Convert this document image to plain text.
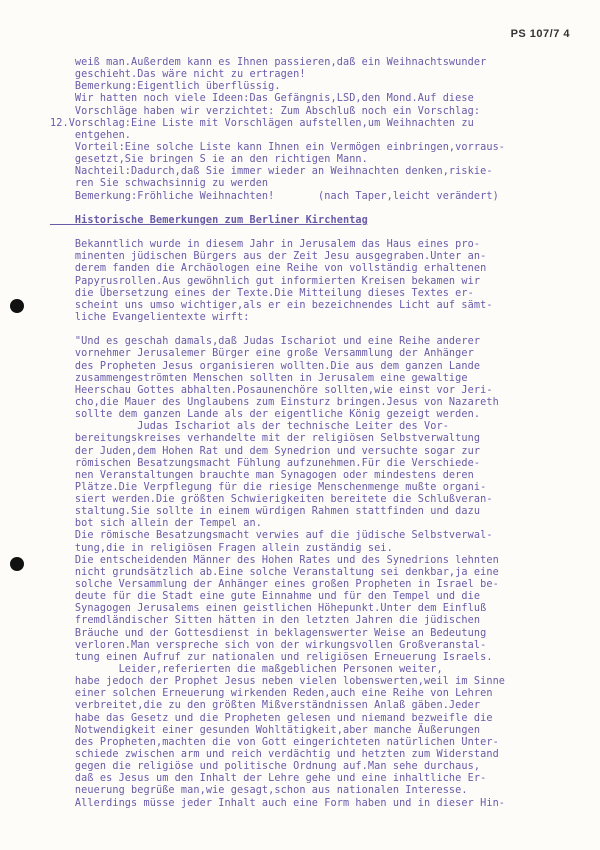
PS 107/7 4
weiß man.Außerdem kann es Ihnen passieren,daß ein Weihnachtswunder
geschieht.Das wäre nicht zu ertragen!
Bemerkung:Eigentlich überflüssig.
Wir hatten noch viele Ideen:Das Gefängnis,LSD,den Mond.Auf diese
Vorschläge haben wir verzichtet: Zum Abschluß noch ein Vorschlag:
12.Vorschlag:Eine Liste mit Vorschlägen aufstellen,um Weihnachten zu
entgehen.
Vorteil:Eine solche Liste kann Ihnen ein Vermögen einbringen,vorraus-
gesetzt,Sie bringen S ie an den richtigen Mann.
Nachteil:Dadurch,daß Sie immer wieder an Weihnachten denken,riskie-
ren Sie schwachsinnig zu werden
Bemerkung:Fröhliche Weihnachten!       (nach Taper,leicht verändert)
Historische Bemerkungen zum Berliner Kirchentag
Bekanntlich wurde in diesem Jahr in Jerusalem das Haus eines pro-
minenten jüdischen Bürgers aus der Zeit Jesu ausgegraben.Unter an-
derem fanden die Archäologen eine Reihe von vollständig erhaltenen
Papyrusrollen.Aus gewöhnlich gut informierten Kreisen bekamen wir
die Übersetzung eines der Texte.Die Mitteilung dieses Textes er-
scheint uns umso wichtiger,als er ein bezeichnendes Licht auf sämt-
liche Evangelientexte wirft:
"Und es geschah damals,daß Judas Ischariot und eine Reihe anderer
vornehmer Jerusalemer Bürger eine große Versammlung der Anhänger
des Propheten Jesus organisieren wollten.Die aus dem ganzen Lande
zusammengeströmten Menschen sollten in Jerusalem eine gewaltige
Heerschau Gottes abhalten.Posaunenchöre sollten,wie einst vor Jeri-
cho,die Mauer des Unglaubens zum Einsturz bringen.Jesus von Nazareth
sollte dem ganzen Lande als der eigentliche König gezeigt werden.
Judas Ischariot als der technische Leiter des Vor-
bereitungskreises verhandelte mit der religiösen Selbstverwaltung
der Juden,dem Hohen Rat und dem Synedrion und versuchte sogar zur
römischen Besatzungsmacht Fühlung aufzunehmen.Für die Verschiede-
nen Veranstaltungen brauchte man Synagogen oder mindestens deren
Plätze.Die Verpflegung für die riesige Menschenmenge mußte organi-
siert werden.Die größten Schwierigkeiten bereitete die Schlußveran-
staltung.Sie sollte in einem würdigen Rahmen stattfinden und dazu
bot sich allein der Tempel an.
Die römische Besatzungsmacht verwies auf die jüdische Selbstverwal-
tung,die in religiösen Fragen allein zuständig sei.
Die entscheidenden Männer des Hohen Rates und des Synedrions lehnten
nicht grundsätzlich ab.Eine solche Veranstaltung sei denkbar,ja eine
solche Versammlung der Anhänger eines großen Propheten in Israel be-
deute für die Stadt eine gute Einnahme und für den Tempel und die
Synagogen Jerusalems einen geistlichen Höhepunkt.Unter dem Einfluß
fremdländischer Sitten hätten in den letzten Jahren die jüdischen
Bräuche und der Gottesdienst in beklagenswerter Weise an Bedeutung
verloren.Man verspreche sich von der wirkungsvollen Großveranstal-
tung einen Aufruf zur nationalen und religiösen Erneuerung Israels.
Leider,referierten die maßgeblichen Personen weiter,
habe jedoch der Prophet Jesus neben vielen lobenswerten,weil im Sinne
einer solchen Erneuerung wirkenden Reden,auch eine Reihe von Lehren
verbreitet,die zu den größten Mißverständnissen Anlaß gäben.Jeder
habe das Gesetz und die Propheten gelesen und niemand bezweifle die
Notwendigkeit einer gesunden Wohltätigkeit,aber manche Äußerungen
des Propheten,machten die von Gott eingerichteten natürlichen Unter-
schiede zwischen arm und reich verdächtig und hetzten zum Widerstand
gegen die religiöse und politische Ordnung auf.Man sehe durchaus,
daß es Jesus um den Inhalt der Lehre gehe und eine inhaltliche Er-
neuerung begrüße man,wie gesagt,schon aus nationalen Interesse.
Allerdings müsse jeder Inhalt auch eine Form haben und in dieser Hin-
